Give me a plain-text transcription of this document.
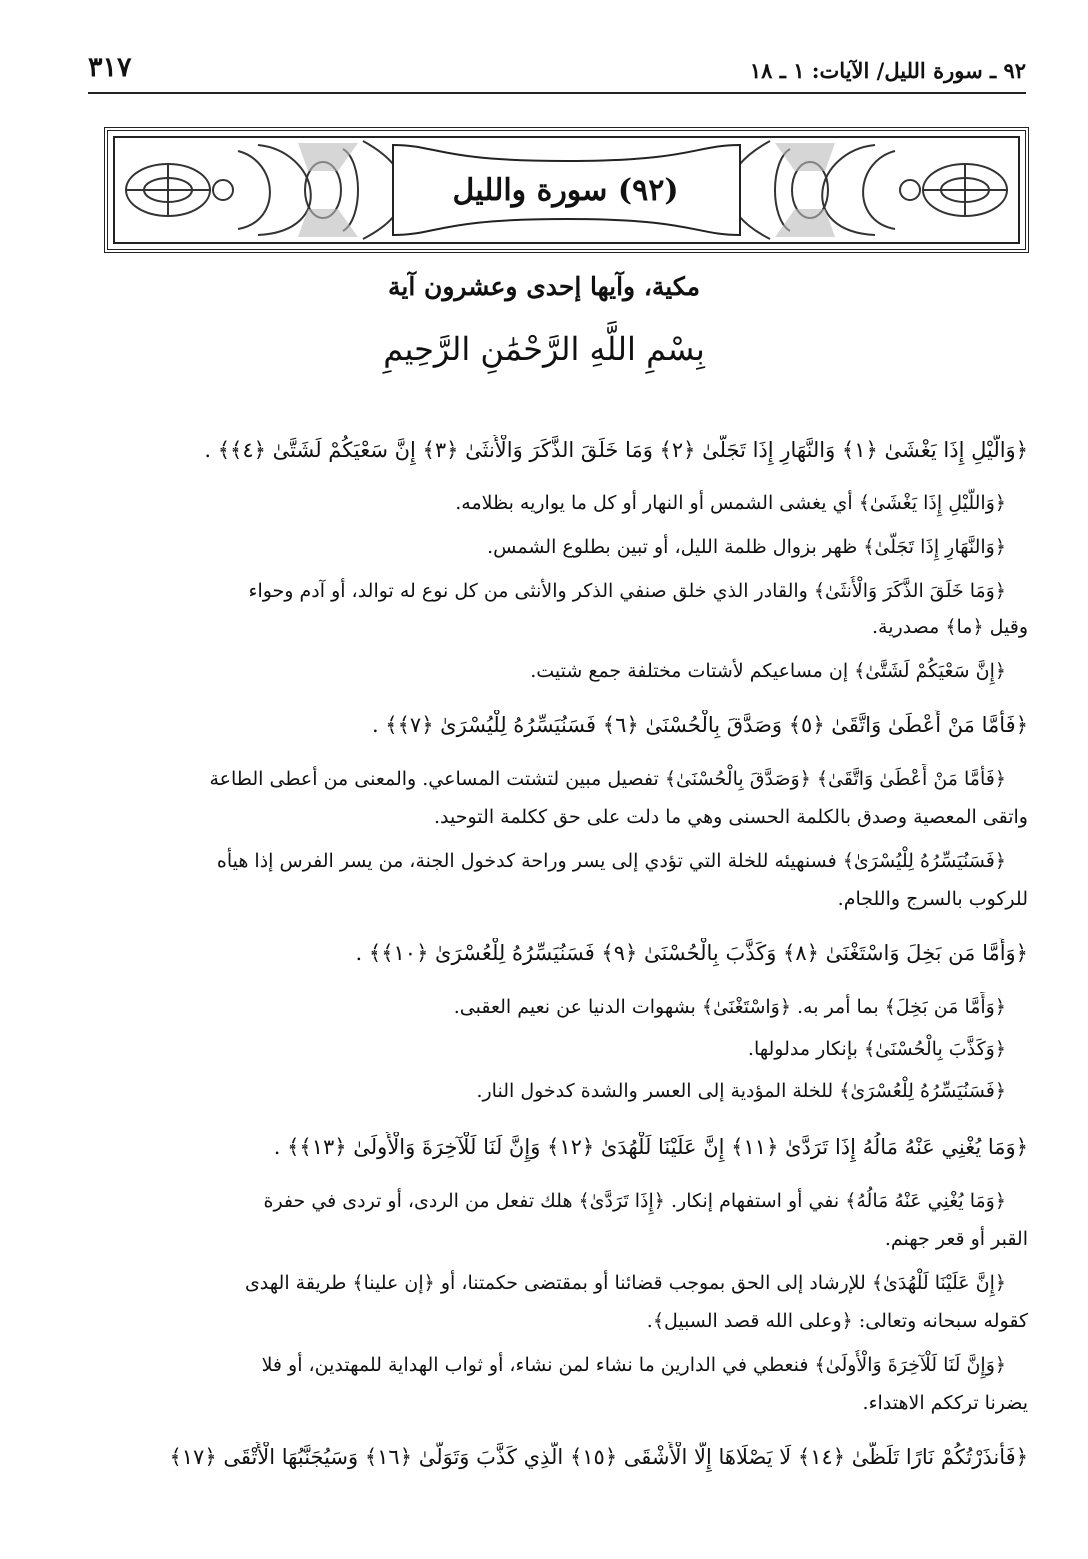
٩٢ ـ سورة الليل/ الآيات: ١ ـ ١٨
٣١٧
(٩٢) سورة والليل
مكية، وآيها إحدى وعشرون آية
بِسْمِ اللَّهِ الرَّحْمَٰنِ الرَّحِيمِ
﴿وَالَّيْلِ إِذَا يَغْشَىٰ ﴿١﴾ وَالنَّهَارِ إِذَا تَجَلَّىٰ ﴿٢﴾ وَمَا خَلَقَ الذَّكَرَ وَالْأُنثَىٰ ﴿٣﴾ إِنَّ سَعْيَكُمْ لَشَتَّىٰ ﴿٤﴾﴾ .
﴿وَاللَّيْلِ إِذَا يَغْشَىٰ﴾ أي يغشى الشمس أو النهار أو كل ما يواريه بظلامه.
﴿وَالنَّهَارِ إِذَا تَجَلَّىٰ﴾ ظهر بزوال ظلمة الليل، أو تبين بطلوع الشمس.
﴿وَمَا خَلَقَ الذَّكَرَ وَالْأُنثَىٰ﴾ والقادر الذي خلق صنفي الذكر والأنثى من كل نوع له توالد، أو آدم وحواء
وقيل ﴿ما﴾ مصدرية.
﴿إِنَّ سَعْيَكُمْ لَشَتَّىٰ﴾ إن مساعيكم لأشتات مختلفة جمع شتيت.
﴿فَأَمَّا مَنْ أَعْطَىٰ وَاتَّقَىٰ ﴿٥﴾ وَصَدَّقَ بِالْحُسْنَىٰ ﴿٦﴾ فَسَنُيَسِّرُهُ لِلْيُسْرَىٰ ﴿٧﴾﴾ .
﴿فَأَمَّا مَنْ أَعْطَىٰ وَاتَّقَىٰ﴾ ﴿وَصَدَّقَ بِالْحُسْنَىٰ﴾ تفصيل مبين لتشتت المساعي. والمعنى من أعطى الطاعة
واتقى المعصية وصدق بالكلمة الحسنى وهي ما دلت على حق ككلمة التوحيد.
﴿فَسَنُيَسِّرُهُ لِلْيُسْرَىٰ﴾ فسنهيئه للخلة التي تؤدي إلى يسر وراحة كدخول الجنة، من يسر الفرس إذا هيأه
للركوب بالسرج واللجام.
﴿وَأَمَّا مَن بَخِلَ وَاسْتَغْنَىٰ ﴿٨﴾ وَكَذَّبَ بِالْحُسْنَىٰ ﴿٩﴾ فَسَنُيَسِّرُهُ لِلْعُسْرَىٰ ﴿١٠﴾﴾ .
﴿وَأَمَّا مَن بَخِلَ﴾ بما أمر به. ﴿وَاسْتَغْنَىٰ﴾ بشهوات الدنيا عن نعيم العقبى.
﴿وَكَذَّبَ بِالْحُسْنَىٰ﴾ بإنكار مدلولها.
﴿فَسَنُيَسِّرُهُ لِلْعُسْرَىٰ﴾ للخلة المؤدية إلى العسر والشدة كدخول النار.
﴿وَمَا يُغْنِي عَنْهُ مَالُهُ إِذَا تَرَدَّىٰ ﴿١١﴾ إِنَّ عَلَيْنَا لَلْهُدَىٰ ﴿١٢﴾ وَإِنَّ لَنَا لَلْآخِرَةَ وَالْأُولَىٰ ﴿١٣﴾﴾ .
﴿وَمَا يُغْنِي عَنْهُ مَالُهُ﴾ نفي أو استفهام إنكار. ﴿إِذَا تَرَدَّىٰ﴾ هلك تفعل من الردى، أو تردى في حفرة
القبر أو قعر جهنم.
﴿إِنَّ عَلَيْنَا لَلْهُدَىٰ﴾ للإرشاد إلى الحق بموجب قضائنا أو بمقتضى حكمتنا، أو ﴿إن علينا﴾ طريقة الهدى
كقوله سبحانه وتعالى: ﴿وعلى الله قصد السبيل﴾.
﴿وَإِنَّ لَنَا لَلْآخِرَةَ وَالْأُولَىٰ﴾ فنعطي في الدارين ما نشاء لمن نشاء، أو ثواب الهداية للمهتدين، أو فلا
يضرنا ترككم الاهتداء.
﴿فَأَنذَرْتُكُمْ نَارًا تَلَظَّىٰ ﴿١٤﴾ لَا يَصْلَاهَا إِلَّا الْأَشْقَى ﴿١٥﴾ الَّذِي كَذَّبَ وَتَوَلَّىٰ ﴿١٦﴾ وَسَيُجَنَّبُهَا الْأَتْقَى ﴿١٧﴾
